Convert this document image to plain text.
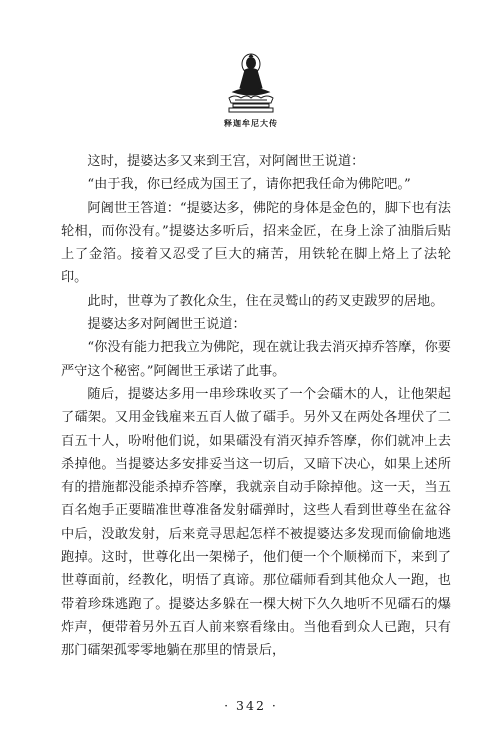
释迦牟尼大传

这时，提婆达多又来到王宫，对阿阇世王说道：

“由于我，你已经成为国王了，请你把我任命为佛陀吧。”

阿阇世王答道：“提婆达多，佛陀的身体是金色的，脚下也有法轮相，而你没有。”提婆达多听后，招来金匠，在身上涂了油脂后贴上了金箔。接着又忍受了巨大的痛苦，用铁轮在脚上烙上了法轮印。

此时，世尊为了教化众生，住在灵鹫山的药叉吏跋罗的居地。

提婆达多对阿阇世王说道：

“你没有能力把我立为佛陀，现在就让我去消灭掉乔答摩，你要严守这个秘密。”阿阇世王承诺了此事。

随后，提婆达多用一串珍珠收买了一个会礌木的人，让他架起了礌架。又用金钱雇来五百人做了礌手。另外又在两处各埋伏了二百五十人，吩咐他们说，如果礌没有消灭掉乔答摩，你们就冲上去杀掉他。当提婆达多安排妥当这一切后，又暗下决心，如果上述所有的措施都没能杀掉乔答摩，我就亲自动手除掉他。这一天，当五百名炮手正要瞄准世尊准备发射礌弹时，这些人看到世尊坐在盆谷中后，没敢发射，后来竟寻思起怎样不被提婆达多发现而偷偷地逃跑掉。这时，世尊化出一架梯子，他们便一个个顺梯而下，来到了世尊面前，经教化，明悟了真谛。那位礌师看到其他众人一跑，也带着珍珠逃跑了。提婆达多躲在一棵大树下久久地听不见礌石的爆炸声，便带着另外五百人前来察看缘由。当他看到众人已跑，只有那门礌架孤零零地躺在那里的情景后，

· 342 ·
